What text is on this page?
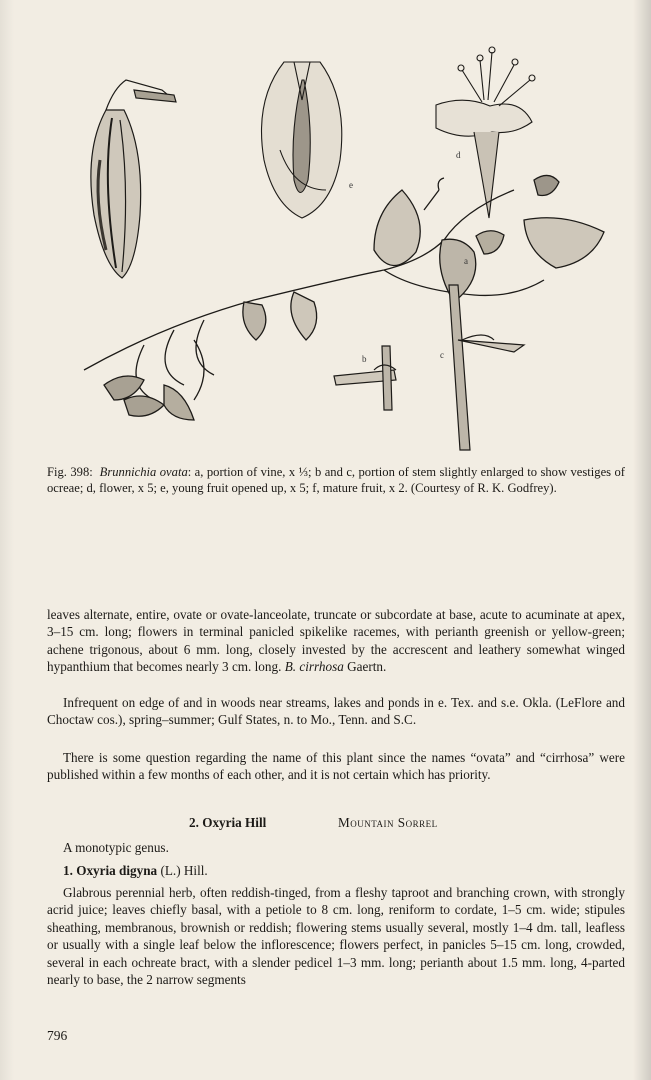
e
d
a
b	c

Fig. 398: Brunnichia ovata: a, portion of vine, x ⅓; b and c, portion of stem slightly enlarged to show vestiges of ocreae; d, flower, x 5; e, young fruit opened up, x 5; f, mature fruit, x 2. (Courtesy of R. K. Godfrey).

leaves alternate, entire, ovate or ovate-lanceolate, truncate or subcordate at base, acute to acuminate at apex, 3–15 cm. long; flowers in terminal panicled spikelike racemes, with perianth greenish or yellow-green; achene trigonous, about 6 mm. long, closely invested by the accrescent and leathery somewhat winged hypanthium that becomes nearly 3 cm. long. B. cirrhosa Gaertn.

Infrequent on edge of and in woods near streams, lakes and ponds in e. Tex. and s.e. Okla. (LeFlore and Choctaw cos.), spring–summer; Gulf States, n. to Mo., Tenn. and S.C.

There is some question regarding the name of this plant since the names “ovata” and “cirrhosa” were published within a few months of each other, and it is not certain which has priority.

2. Oxyria Hill	Mountain Sorrel

A monotypic genus.

1. Oxyria digyna (L.) Hill.

Glabrous perennial herb, often reddish-tinged, from a fleshy taproot and branching crown, with strongly acrid juice; leaves chiefly basal, with a petiole to 8 cm. long, reniform to cordate, 1–5 cm. wide; stipules sheathing, membranous, brownish or reddish; flowering stems usually several, mostly 1–4 dm. tall, leafless or usually with a single leaf below the inflorescence; flowers perfect, in panicles 5–15 cm. long, crowded, several in each ochreate bract, with a slender pedicel 1–3 mm. long; perianth about 1.5 mm. long, 4-parted nearly to base, the 2 narrow segments

796
